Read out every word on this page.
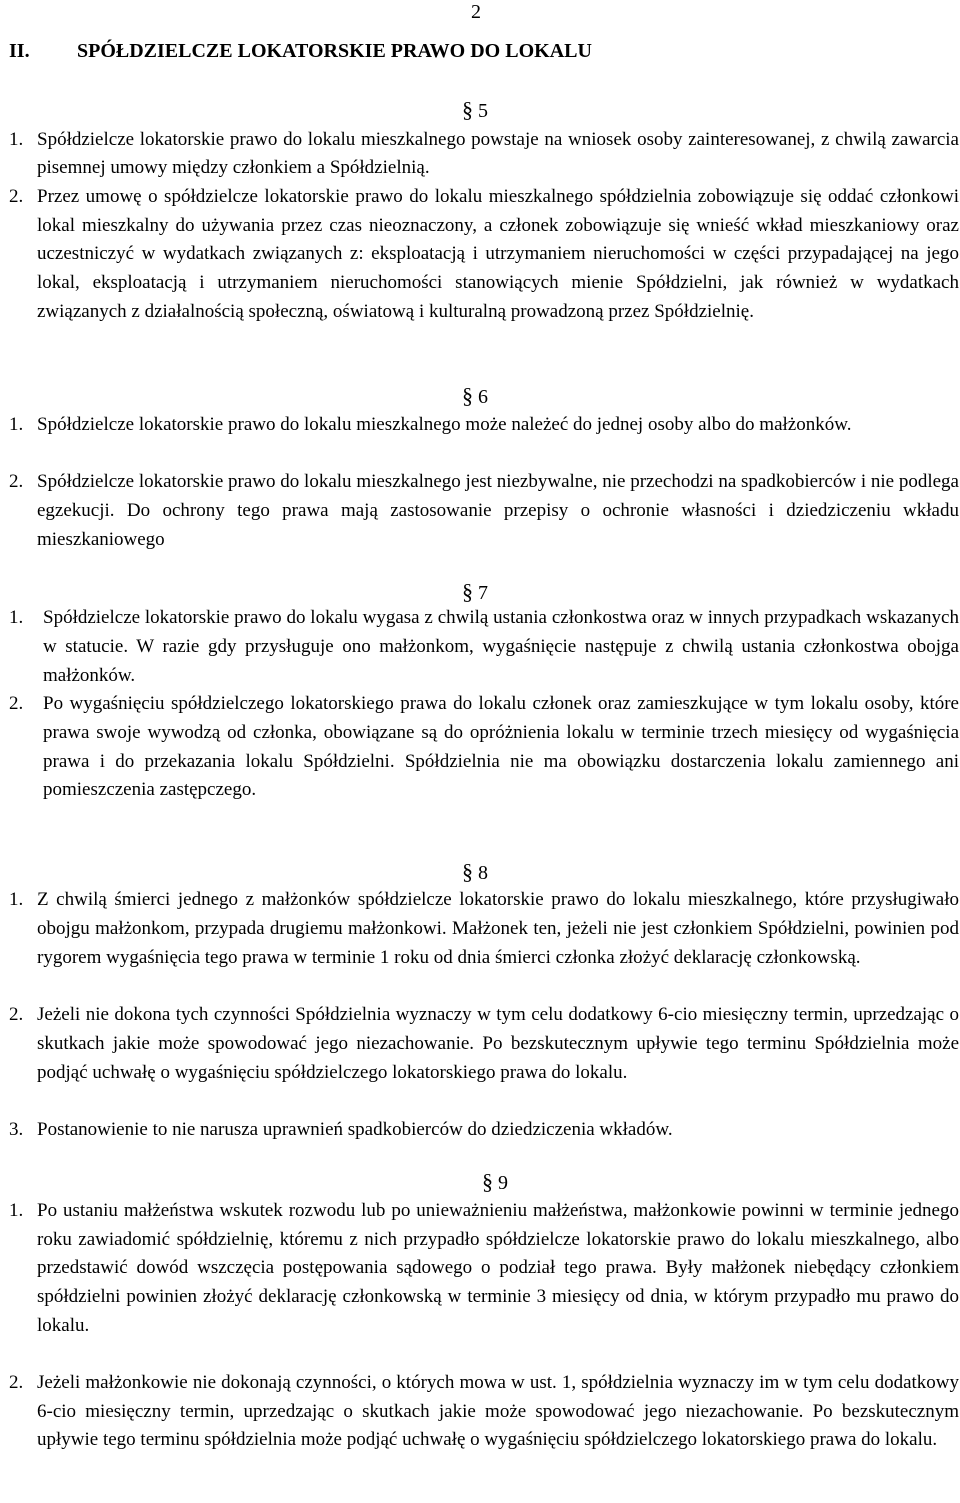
2
II. SPÓŁDZIELCZE LOKATORSKIE PRAWO DO LOKALU
§ 5
1. Spółdzielcze lokatorskie prawo do lokalu mieszkalnego powstaje na wniosek osoby zainteresowanej, z chwilą zawarcia pisemnej umowy między członkiem a Spółdzielnią.
2. Przez umowę o spółdzielcze lokatorskie prawo do lokalu mieszkalnego spółdzielnia zobowiązuje się oddać członkowi lokal mieszkalny do używania przez czas nieoznaczony, a członek zobowiązuje się wnieść wkład mieszkaniowy oraz uczestniczyć w wydatkach związanych z: eksploatacją i utrzymaniem nieruchomości w części przypadającej na jego lokal, eksploatacją i utrzymaniem nieruchomości stanowiących mienie Spółdzielni, jak również w wydatkach związanych z działalnością społeczną, oświatową i kulturalną prowadzoną przez Spółdzielnię.
§ 6
1. Spółdzielcze lokatorskie prawo do lokalu mieszkalnego może należeć do jednej osoby albo do małżonków.
2. Spółdzielcze lokatorskie prawo do lokalu mieszkalnego jest niezbywalne, nie przechodzi na spadkobierców i nie podlega egzekucji. Do ochrony tego prawa mają zastosowanie przepisy o ochronie własności i dziedziczeniu wkładu mieszkaniowego
§ 7
1.	Spółdzielcze lokatorskie prawo do lokalu wygasa z chwilą ustania członkostwa oraz w innych przypadkach wskazanych w statucie. W razie gdy przysługuje ono małżonkom, wygaśnięcie następuje z chwilą ustania członkostwa obojga małżonków.
2.	Po wygaśnięciu spółdzielczego lokatorskiego prawa do lokalu członek oraz zamieszkujące w tym lokalu osoby, które prawa swoje wywodzą od członka, obowiązane są do opróżnienia lokalu w terminie trzech miesięcy od wygaśnięcia prawa i do przekazania lokalu Spółdzielni. Spółdzielnia nie ma obowiązku dostarczenia lokalu zamiennego ani pomieszczenia zastępczego.
§ 8
1. Z chwilą śmierci jednego z małżonków spółdzielcze lokatorskie prawo do lokalu mieszkalnego, które przysługiwało obojgu małżonkom, przypada drugiemu małżonkowi. Małżonek ten, jeżeli nie jest członkiem Spółdzielni, powinien pod rygorem wygaśnięcia tego prawa w terminie 1 roku od dnia śmierci członka złożyć deklarację członkowską.
2. Jeżeli nie dokona tych czynności Spółdzielnia wyznaczy w tym celu dodatkowy 6-cio miesięczny termin, uprzedzając o skutkach jakie może spowodować jego niezachowanie. Po bezskutecznym upływie tego terminu Spółdzielnia może podjąć uchwałę o wygaśnięciu spółdzielczego lokatorskiego prawa do lokalu.
3. Postanowienie to nie narusza uprawnień spadkobierców do dziedziczenia wkładów.
§ 9
1. Po ustaniu małżeństwa wskutek rozwodu lub po unieważnieniu małżeństwa, małżonkowie powinni w terminie jednego roku zawiadomić spółdzielnię, któremu z nich przypadło spółdzielcze lokatorskie prawo do lokalu mieszkalnego, albo przedstawić dowód wszczęcia postępowania sądowego o podział tego prawa. Były małżonek niebędący członkiem spółdzielni powinien złożyć deklarację członkowską w terminie 3 miesięcy od dnia, w którym przypadło mu prawo do lokalu.
2. Jeżeli małżonkowie nie dokonają czynności, o których mowa w ust. 1, spółdzielnia wyznaczy im w tym celu dodatkowy 6-cio miesięczny termin, uprzedzając o skutkach jakie może spowodować jego niezachowanie. Po bezskutecznym upływie tego terminu spółdzielnia może podjąć uchwałę o wygaśnięciu spółdzielczego lokatorskiego prawa do lokalu.
